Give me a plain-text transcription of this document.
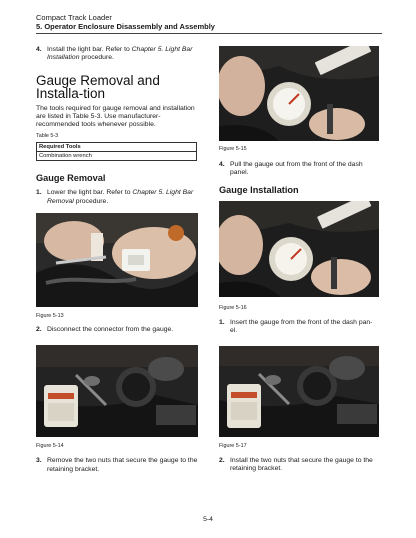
Compact Track Loader
5. Operator Enclosure Disassembly and Assembly
4. Install the light bar. Refer to Chapter 5. Light Bar Installation procedure.
Gauge Removal and Installa-tion
The tools required for gauge removal and installation are listed in Table 5-3. Use manufacturer-recommended tools whenever possible.
Table 5-3
Required Tools
Combination wrench
Gauge Removal
1. Lower the light bar. Refer to Chapter 5. Light Bar Removal procedure.
Figure 5-13
2. Disconnect the connector from the gauge.
Figure 5-14
3. Remove the two nuts that secure the gauge to the retaining bracket.
Figure 5-15
4. Pull the gauge out from the front of the dash panel.
Gauge Installation
Figure 5-16
1. Insert the gauge from the front of the dash pan-el.
Figure 5-17
2. Install the two nuts that secure the gauge to the retaining bracket.
5-4
